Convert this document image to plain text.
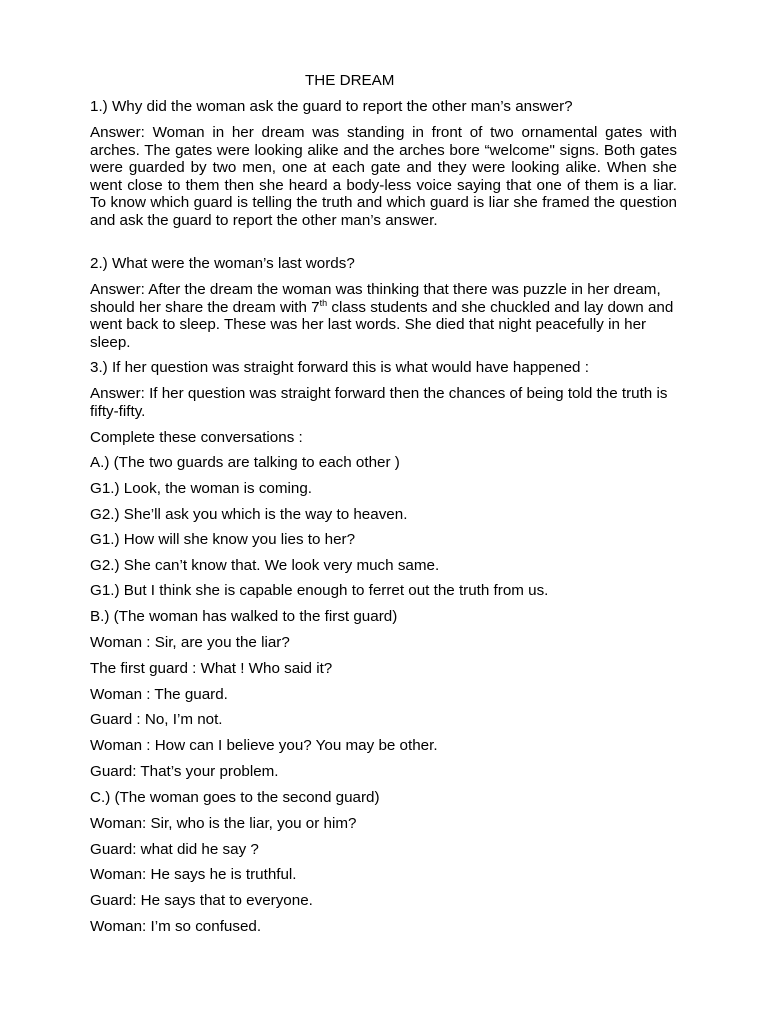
THE DREAM
1.) Why did the woman ask the guard to report the other man’s answer?

Answer: Woman in her dream was standing in front of two ornamental gates with arches. The gates were looking alike and the arches bore “welcome" signs. Both gates were guarded by two men, one at each gate and they were looking alike. When she went close to them then she heard a body-less voice saying that one of them is a liar. To know which guard is telling the truth and which guard is liar she framed the question and ask the guard to report the other man’s answer.

2.) What were the woman’s last words?

Answer: After the dream the woman was thinking that there was puzzle in her dream, should her share the dream with 7th class students and she chuckled and lay down and went back to sleep. These was her last words. She died that night peacefully in her sleep.

3.) If her question was straight forward this is what would have happened :

Answer: If her question was straight forward then the chances of being told the truth is fifty-fifty.

Complete these conversations :
A.) (The two guards are talking to each other )
G1.) Look, the woman is coming.
G2.) She’ll ask you which is the way to heaven.
G1.) How will she know you lies to her?
G2.) She can’t know that. We look very much same.
G1.) But I think she is capable enough to ferret out the truth from us.
B.) (The woman has walked to the first guard)
Woman : Sir, are you the liar?
The first guard : What ! Who said it?
Woman : The guard.
Guard : No, I’m not.
Woman : How can I believe you? You may be other.
Guard: That’s your problem.
C.) (The woman goes to the second guard)
Woman: Sir, who is the liar, you or him?
Guard: what did he say ?
Woman: He says he is truthful.
Guard: He says that to everyone.
Woman: I’m so confused.
